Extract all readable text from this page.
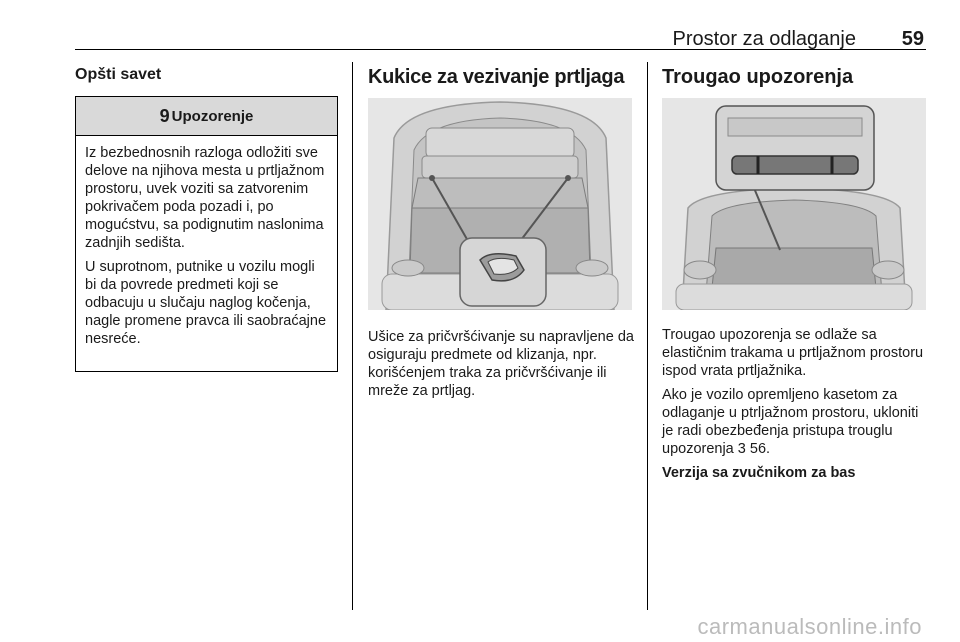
Prostor za odlaganje 59
Opšti savet
9 Upozorenje

Iz bezbednosnih razloga odložiti sve delove na njihova mesta u prtljažnom prostoru, uvek voziti sa zatvorenim pokrivačem poda pozadi i, po mogućstvu, sa podignutim naslonima zadnjih sedišta.

U suprotnom, putnike u vozilu mogli bi da povrede predmeti koji se odbacuju u slučaju naglog kočenja, nagle promene pravca ili saobraćajne nesreće.

Kukice za vezivanje prtljaga
Ušice za pričvršćivanje su napravljene da osiguraju predmete od klizanja, npr. korišćenjem traka za pričvršćivanje ili mreže za prtljag.
Trougao upozorenja

Trougao upozorenja se odlaže sa elastičnim trakama u prtljažnom prostoru ispod vrata prtljažnika.

Ako je vozilo opremljeno kasetom za odlaganje u ptrljažnom prostoru, ukloniti je radi obezbeđenja pristupa trouglu upozorenja 3 56.

Verzija sa zvučnikom za bas

carmanualsonline.info
